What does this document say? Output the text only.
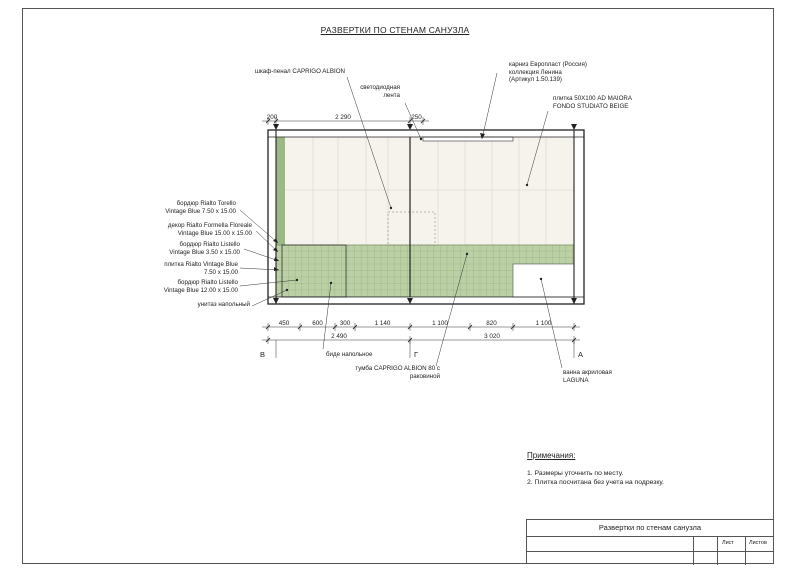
РАЗВЕРТКИ ПО СТЕНАМ САНУЗЛА
200	2 290	250
450	600	300	1 140	1 100	820	1 100
2 490	3 020
В	Г	А
шкаф-пенал CAPRIGO ALBION
светодиодная
лента
карниз Европласт (Россия)
коллекция Ленина
(Артикул 1.50.139)
плитка 50Х100 AD MAIORA
FONDO STUDIATO BEIGE
бордюр Rialto Torello
Vintage Blue 7.50 x 15.00
декор Rialto Formella Floreale
Vintage Blue 15.00 x 15.00
бордюр Rialto Listello
Vintage Blue 3.50 x 15.00
плитка Rialto Vintage Blue
7.50 x 15.00
бордюр Rialto Listello
Vintage Blue 12.00 x 15.00
унитаз напольный
биде напольное
тумба CAPRIGO ALBION 80 с
раковиной
ванна акриловая
LAGUNA
Примечания:
1. Размеры уточнить по месту.
2. Плитка посчитана без учета на подрезку.
Развертки по стенам санузла
Лист	Листов
